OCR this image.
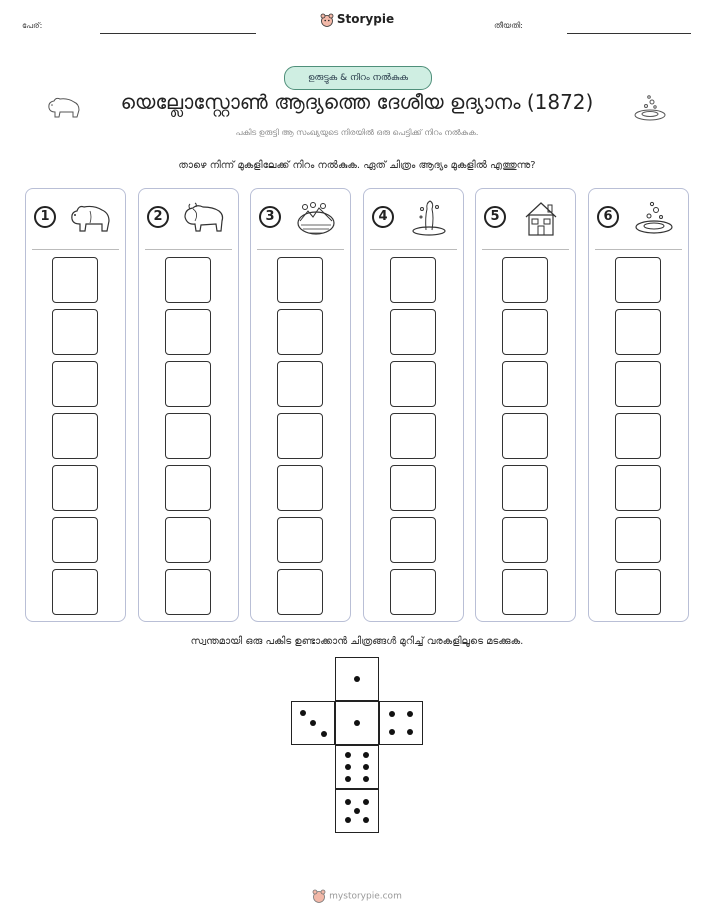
പേര്:	Storypie	തീയതി:
ഉരുട്ടുക & നിറം നൽകുക
യെല്ലോസ്റ്റോൺ ആദ്യത്തെ ദേശീയ ഉദ്യാനം (1872)
പകിട ഉരുട്ടി ആ സംഖ്യയുടെ നിരയിൽ ഒരു പെട്ടിക്ക് നിറം നൽകുക.
താഴെ നിന്ന് മുകളിലേക്ക് നിറം നൽകുക. ഏത് ചിത്രം ആദ്യം മുകളിൽ എത്തുന്നു?
1	2	3	4	5	6
സ്വന്തമായി ഒരു പകിട ഉണ്ടാക്കാൻ ചിത്രങ്ങൾ മുറിച്ച് വരകളിലൂടെ മടക്കുക.
mystorypie.com
